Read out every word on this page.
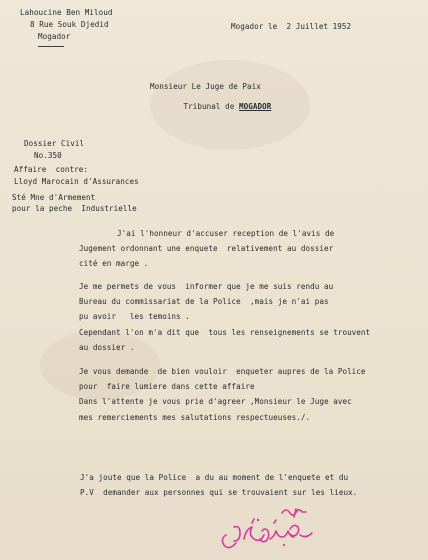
Lahoucine Ben Miloud
8 Rue Souk Djedid
Mogador
Mogador le  2 Juillet 1952
Monsieur Le Juge de Paix

Tribunal de MOGADOR

Dossier Civil
No.350
Affaire  contre:
Lloyd Marocain d'Assurances
Sté Mne d'Armement
pour la peche  Industrielle
J'ai l'honneur d'accuser reception de l'avis de
Jugement ordonnant une enquete  relativement au dossier
cité en marge .
Je me permets de vous  informer que je me suis rendu au
Bureau du commissariat de la Police  ,mais je n'ai pas
pu avoir   les temoins .
Cependant l'on m'a dit que  tous les renseignements se trouvent
au dossier .
Je vous demande  de bien vouloir  enqueter aupres de la Police
pour  faire lumiere dans cette affaire
Dans l'attente je vous prie d'agreer ,Monsieur le Juge avec
mes remerciements mes salutations respectueuses./.
J'a joute que la Police  a du au moment de l'enquete et du
P.V  demander aux personnes qui se trouvaient sur les lieux.
